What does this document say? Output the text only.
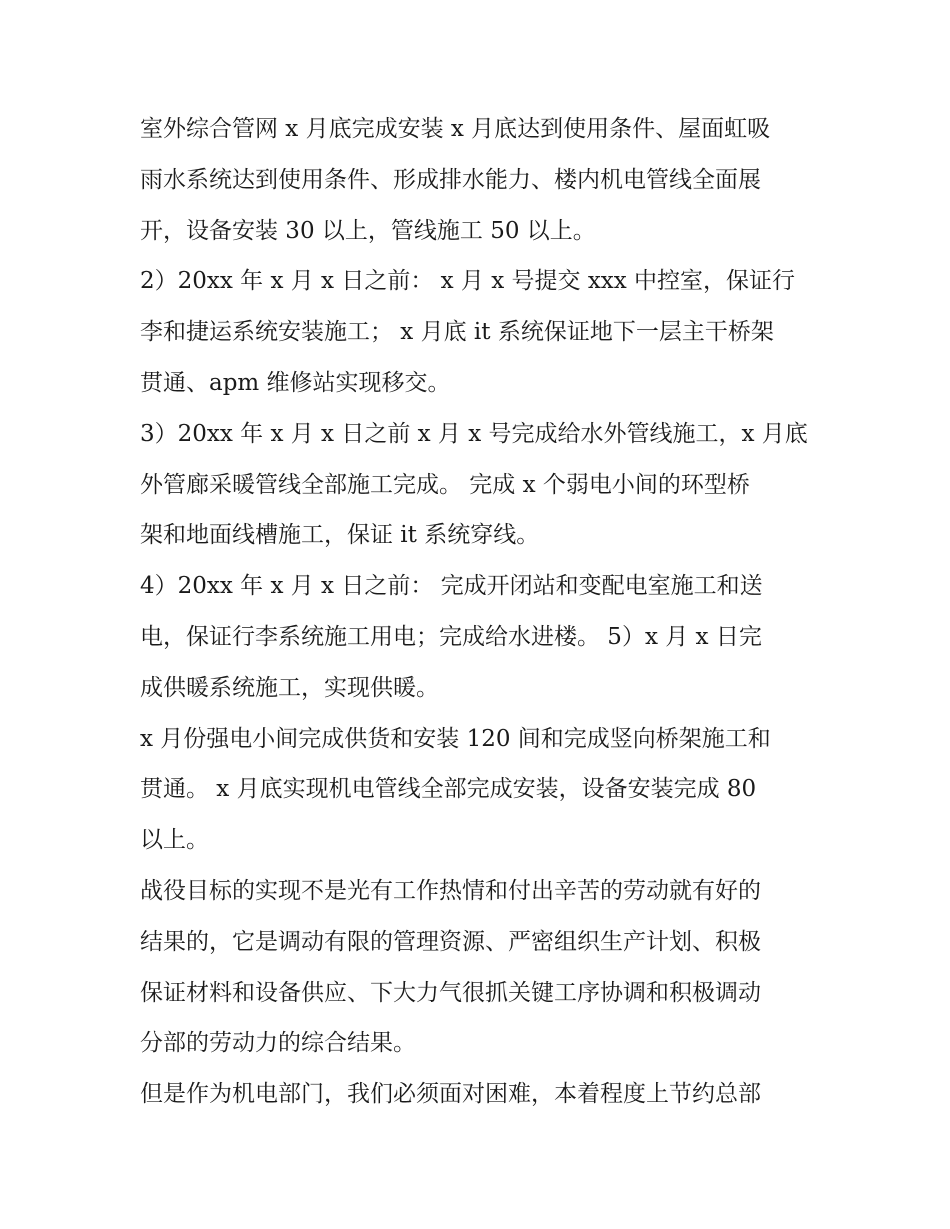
室外综合管网 x 月底完成安装 x 月底达到使用条件、屋面虹吸
雨水系统达到使用条件、形成排水能力、楼内机电管线全面展
开，设备安装 30 以上，管线施工 50 以上。
2）20xx 年 x 月 x 日之前： x 月 x 号提交 xxx 中控室，保证行
李和捷运系统安装施工； x 月底 it 系统保证地下一层主干桥架
贯通、apm 维修站实现移交。
3）20xx 年 x 月 x 日之前 x 月 x 号完成给水外管线施工，x 月底
外管廊采暖管线全部施工完成。 完成 x 个弱电小间的环型桥
架和地面线槽施工，保证 it 系统穿线。
4）20xx 年 x 月 x 日之前： 完成开闭站和变配电室施工和送
电，保证行李系统施工用电；完成给水进楼。 5）x 月 x 日完
成供暖系统施工，实现供暖。
x 月份强电小间完成供货和安装 120 间和完成竖向桥架施工和
贯通。 x 月底实现机电管线全部完成安装，设备安装完成 80
以上。
战役目标的实现不是光有工作热情和付出辛苦的劳动就有好的
结果的，它是调动有限的管理资源、严密组织生产计划、积极
保证材料和设备供应、下大力气很抓关键工序协调和积极调动
分部的劳动力的综合结果。
但是作为机电部门，我们必须面对困难，本着程度上节约总部
